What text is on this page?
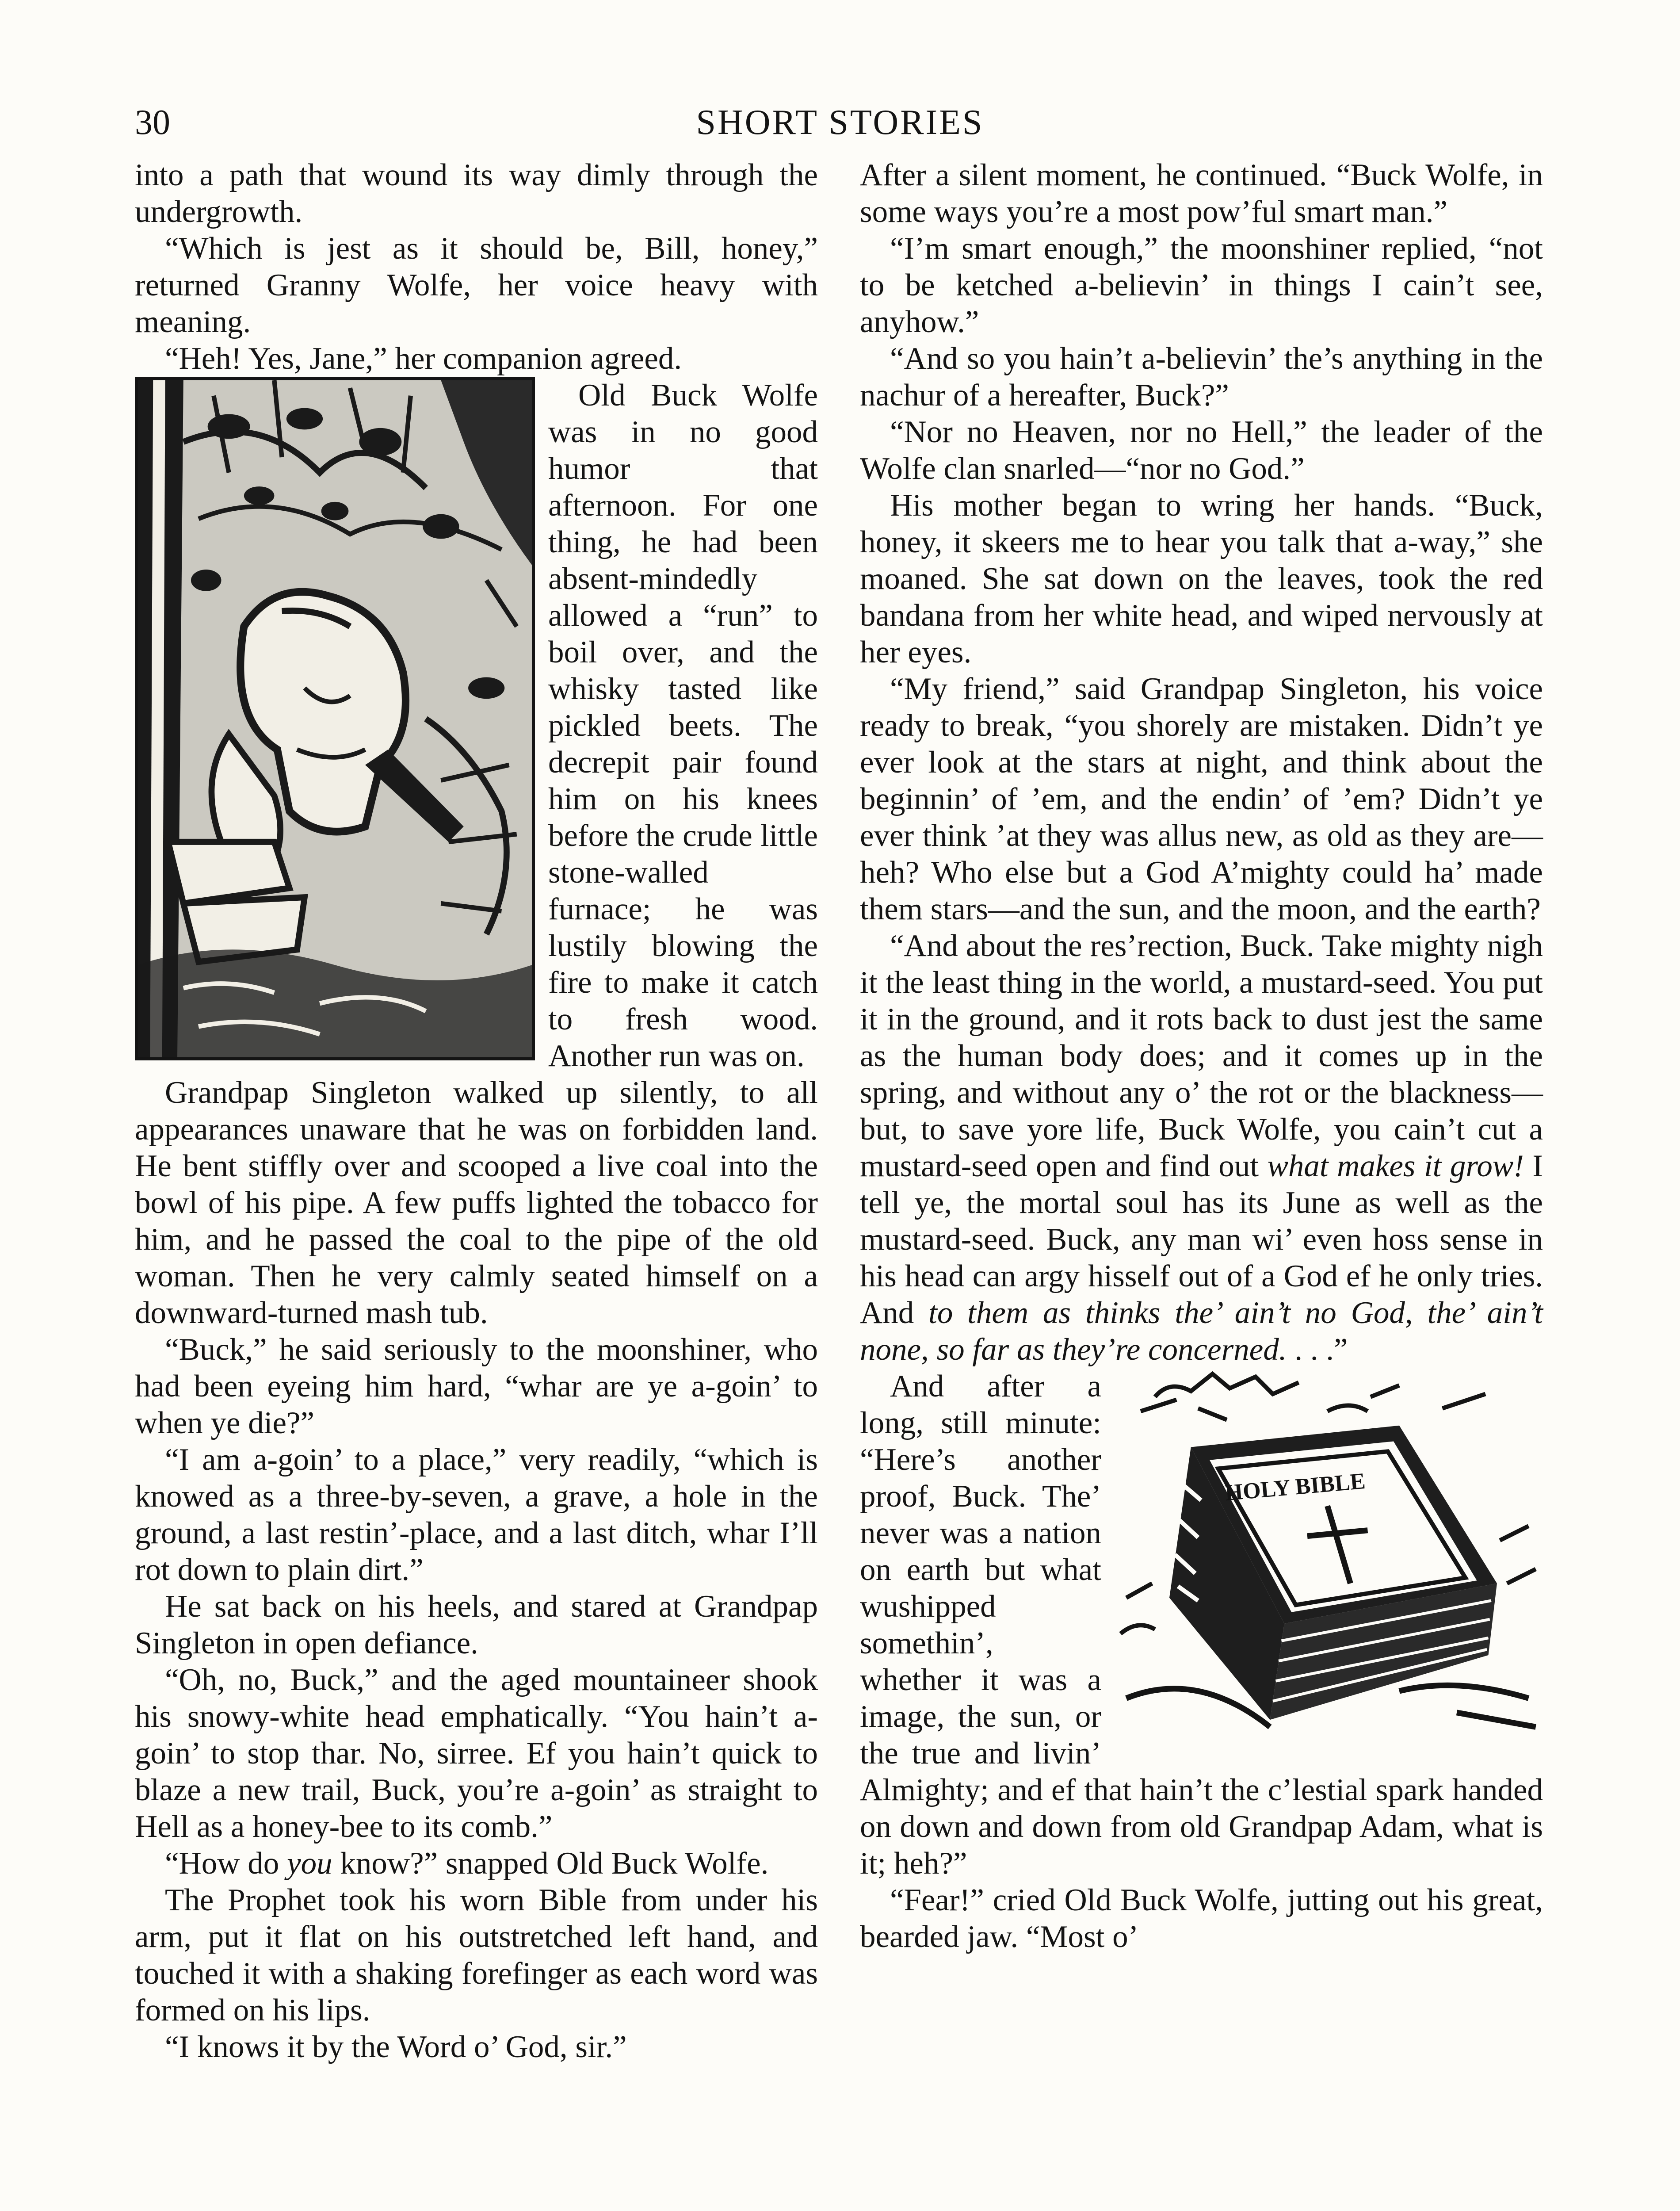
30	SHORT STORIES

into a path that wound its way dimly through the undergrowth.

“Which is jest as it should be, Bill, honey,” returned Granny Wolfe, her voice heavy with meaning.

“Heh! Yes, Jane,” her companion agreed.

Old Buck Wolfe was in no good humor that afternoon. For one thing, he had been absent-mindedly allowed a “run” to boil over, and the whisky tasted like pickled beets. The decrepit pair found him on his knees before the crude little stone-walled furnace; he was lustily blowing the fire to make it catch to fresh wood. Another run was on.

Grandpap Singleton walked up silently, to all appearances unaware that he was on forbidden land. He bent stiffly over and scooped a live coal into the bowl of his pipe. A few puffs lighted the tobacco for him, and he passed the coal to the pipe of the old woman. Then he very calmly seated himself on a downward-turned mash tub.

“Buck,” he said seriously to the moonshiner, who had been eyeing him hard, “whar are ye a-goin’ to when ye die?”

“I am a-goin’ to a place,” very readily, “which is knowed as a three-by-seven, a grave, a hole in the ground, a last restin’-place, and a last ditch, whar I’ll rot down to plain dirt.”

He sat back on his heels, and stared at Grandpap Singleton in open defiance.

“Oh, no, Buck,” and the aged mountaineer shook his snowy-white head emphatically. “You hain’t a-goin’ to stop thar. No, sirree. Ef you hain’t quick to blaze a new trail, Buck, you’re a-goin’ as straight to Hell as a honey-bee to its comb.”

“How do you know?” snapped Old Buck Wolfe.

The Prophet took his worn Bible from under his arm, put it flat on his outstretched left hand, and touched it with a shaking forefinger as each word was formed on his lips.

“I knows it by the Word o’ God, sir.”

After a silent moment, he continued. “Buck Wolfe, in some ways you’re a most pow’ful smart man.”

“I’m smart enough,” the moonshiner replied, “not to be ketched a-believin’ in things I cain’t see, anyhow.”

“And so you hain’t a-believin’ the’s anything in the nachur of a hereafter, Buck?”

“Nor no Heaven, nor no Hell,” the leader of the Wolfe clan snarled—“nor no God.”

His mother began to wring her hands. “Buck, honey, it skeers me to hear you talk that a-way,” she moaned. She sat down on the leaves, took the red bandana from her white head, and wiped nervously at her eyes.

“My friend,” said Grandpap Singleton, his voice ready to break, “you shorely are mistaken. Didn’t ye ever look at the stars at night, and think about the beginnin’ of ’em, and the endin’ of ’em? Didn’t ye ever think ’at they was allus new, as old as they are—heh? Who else but a God A’mighty could ha’ made them stars—and the sun, and the moon, and the earth?

“And about the res’rection, Buck. Take mighty nigh it the least thing in the world, a mustard-seed. You put it in the ground, and it rots back to dust jest the same as the human body does; and it comes up in the spring, and without any o’ the rot or the blackness—but, to save yore life, Buck Wolfe, you cain’t cut a mustard-seed open and find out what makes it grow! I tell ye, the mortal soul has its June as well as the mustard-seed. Buck, any man wi’ even hoss sense in his head can argy hisself out of a God ef he only tries. And to them as thinks the’ ain’t no God, the’ ain’t none, so far as they’re concerned. . . .”

HOLY BIBLE

And after a long, still minute: “Here’s another proof, Buck. The’ never was a nation on earth but what wushipped somethin’, whether it was a image, the sun, or the true and livin’ Almighty; and ef that hain’t the c’lestial spark handed on down and down from old Grandpap Adam, what is it; heh?”

“Fear!” cried Old Buck Wolfe, jutting out his great, bearded jaw. “Most o’
